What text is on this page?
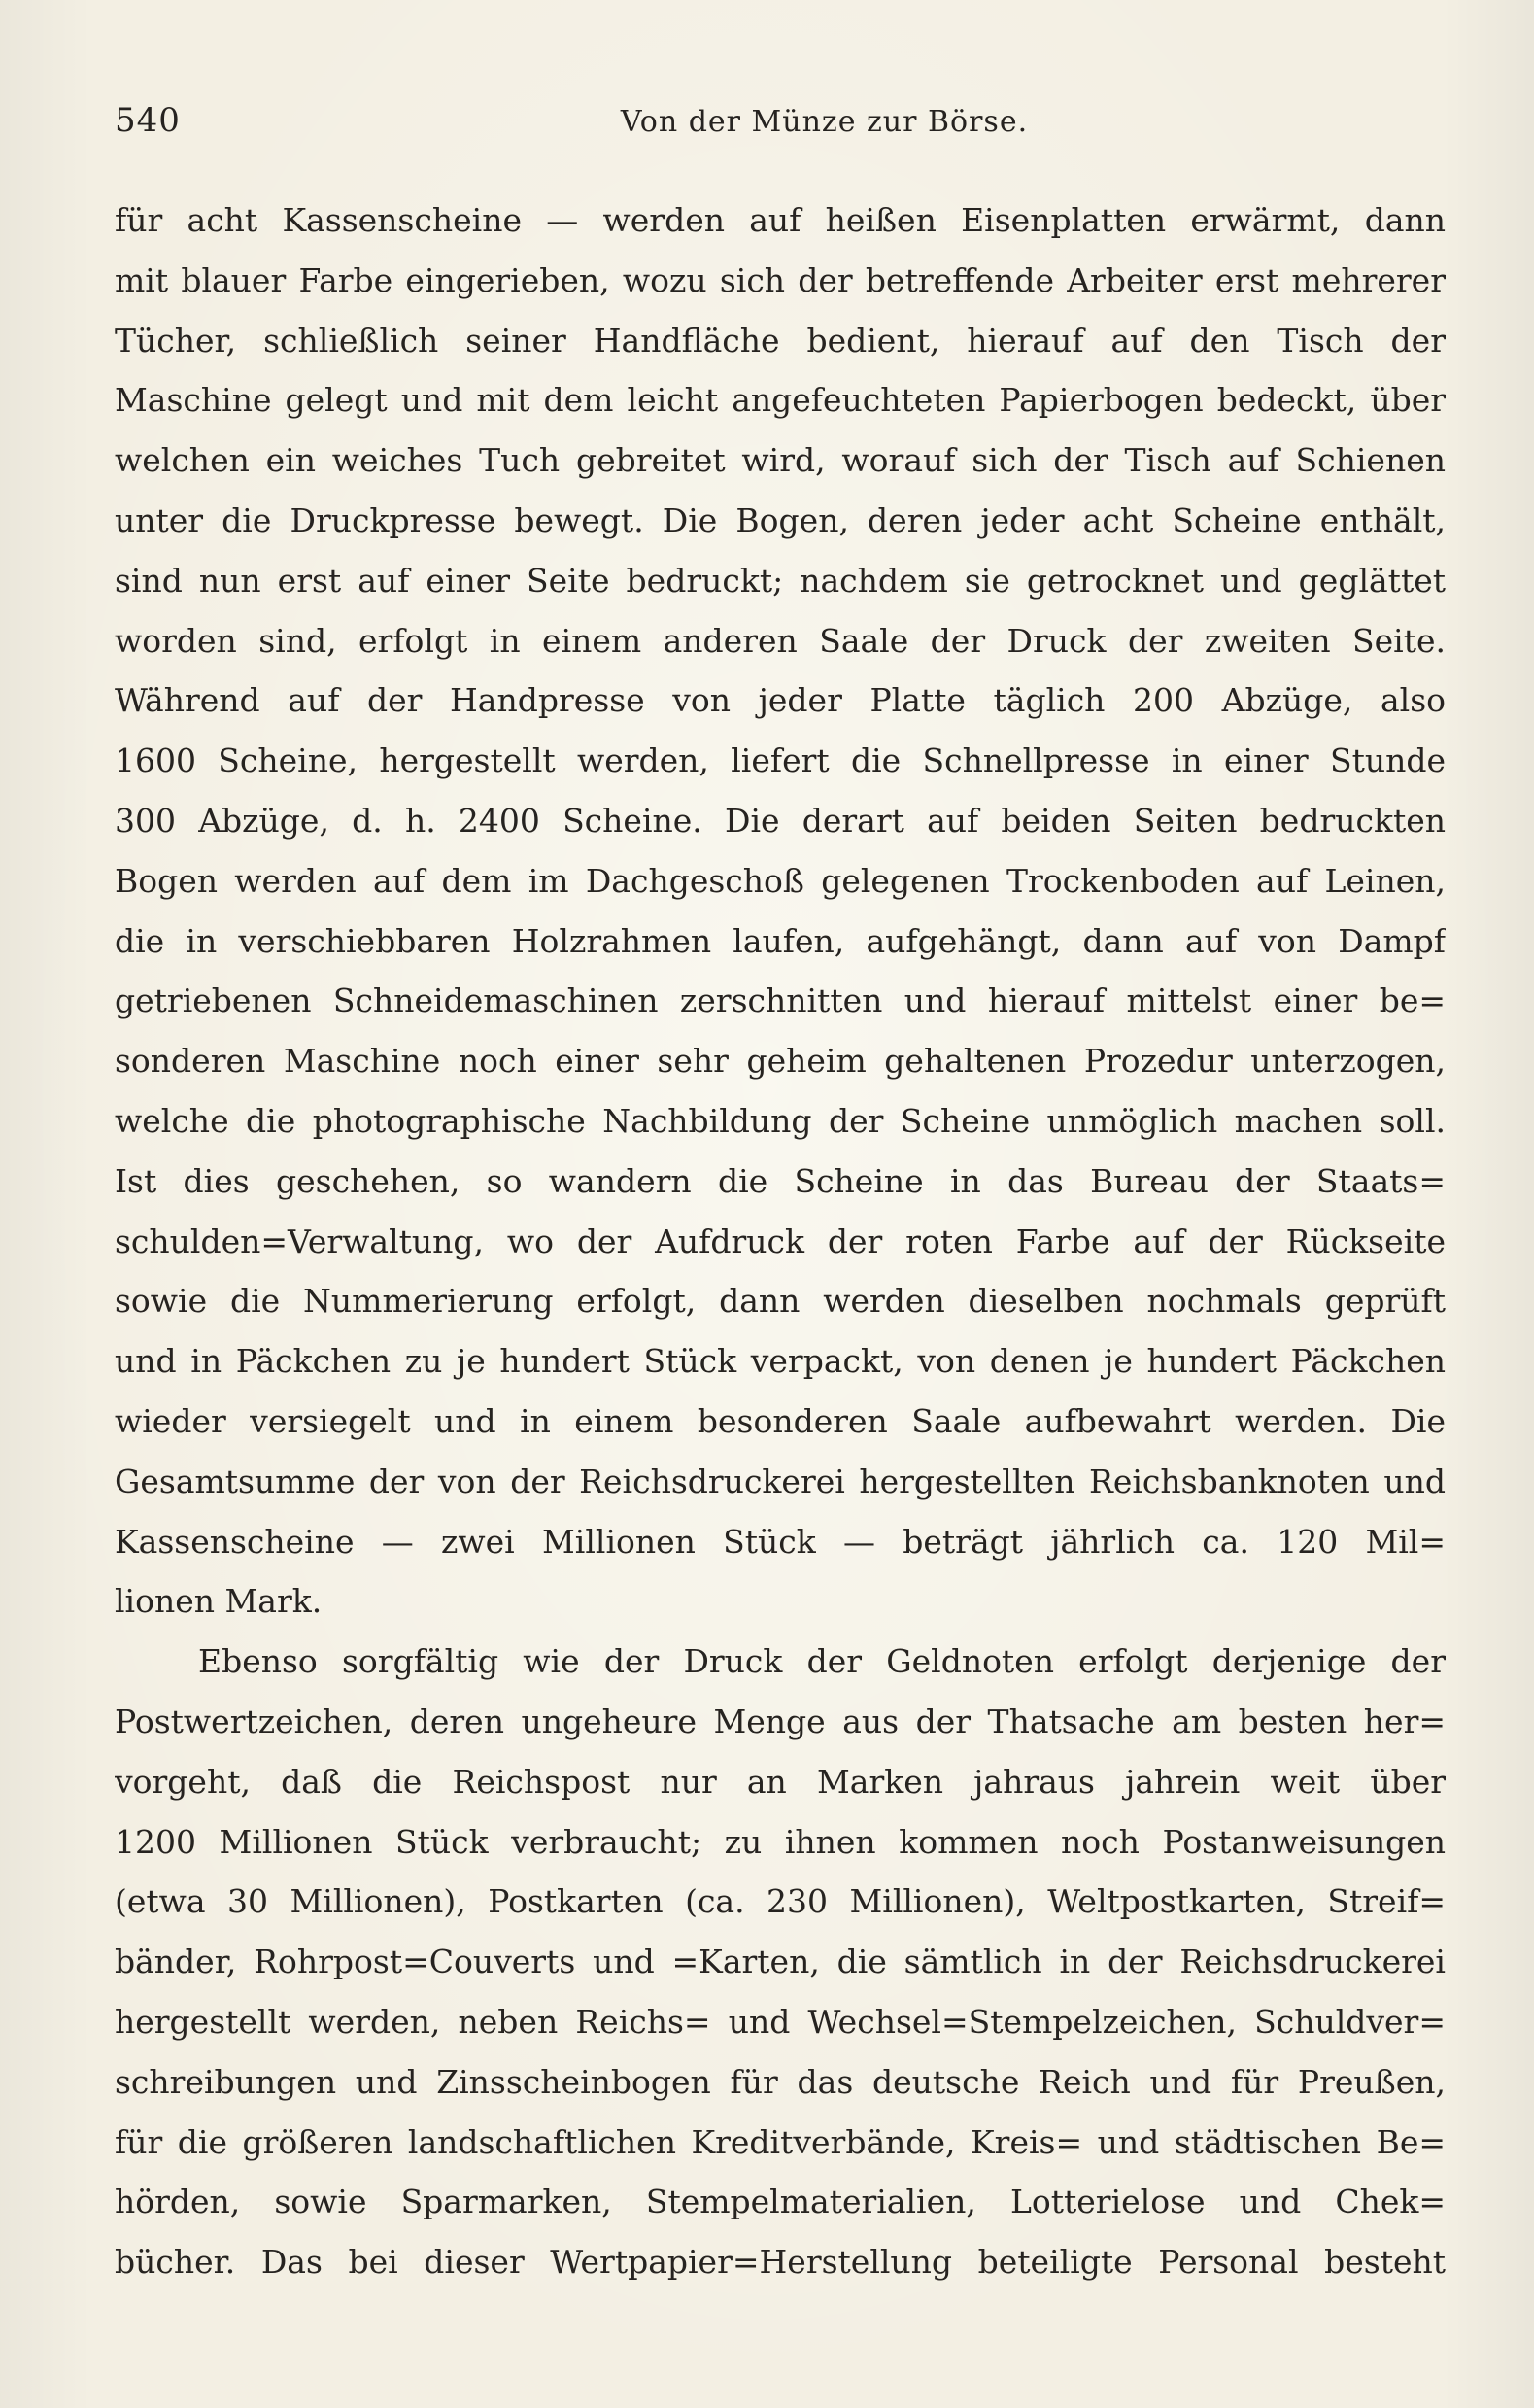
540	Von der Münze zur Börse.
für acht Kassenscheine — werden auf heißen Eisenplatten erwärmt, dann
mit blauer Farbe eingerieben, wozu sich der betreffende Arbeiter erst mehrerer
Tücher, schließlich seiner Handfläche bedient, hierauf auf den Tisch der
Maschine gelegt und mit dem leicht angefeuchteten Papierbogen bedeckt, über
welchen ein weiches Tuch gebreitet wird, worauf sich der Tisch auf Schienen
unter die Druckpresse bewegt. Die Bogen, deren jeder acht Scheine enthält,
sind nun erst auf einer Seite bedruckt; nachdem sie getrocknet und geglättet
worden sind, erfolgt in einem anderen Saale der Druck der zweiten Seite.
Während auf der Handpresse von jeder Platte täglich 200 Abzüge, also
1600 Scheine, hergestellt werden, liefert die Schnellpresse in einer Stunde
300 Abzüge, d. h. 2400 Scheine. Die derart auf beiden Seiten bedruckten
Bogen werden auf dem im Dachgeschoß gelegenen Trockenboden auf Leinen,
die in verschiebbaren Holzrahmen laufen, aufgehängt, dann auf von Dampf
getriebenen Schneidemaschinen zerschnitten und hierauf mittelst einer be=
sonderen Maschine noch einer sehr geheim gehaltenen Prozedur unterzogen,
welche die photographische Nachbildung der Scheine unmöglich machen soll.
Ist dies geschehen, so wandern die Scheine in das Bureau der Staats=
schulden=Verwaltung, wo der Aufdruck der roten Farbe auf der Rückseite
sowie die Nummerierung erfolgt, dann werden dieselben nochmals geprüft
und in Päckchen zu je hundert Stück verpackt, von denen je hundert Päckchen
wieder versiegelt und in einem besonderen Saale aufbewahrt werden. Die
Gesamtsumme der von der Reichsdruckerei hergestellten Reichsbanknoten und
Kassenscheine — zwei Millionen Stück — beträgt jährlich ca. 120 Mil=
lionen Mark.
Ebenso sorgfältig wie der Druck der Geldnoten erfolgt derjenige der
Postwertzeichen, deren ungeheure Menge aus der Thatsache am besten her=
vorgeht, daß die Reichspost nur an Marken jahraus jahrein weit über
1200 Millionen Stück verbraucht; zu ihnen kommen noch Postanweisungen
(etwa 30 Millionen), Postkarten (ca. 230 Millionen), Weltpostkarten, Streif=
bänder, Rohrpost=Couverts und =Karten, die sämtlich in der Reichsdruckerei
hergestellt werden, neben Reichs= und Wechsel=Stempelzeichen, Schuldver=
schreibungen und Zinsscheinbogen für das deutsche Reich und für Preußen,
für die größeren landschaftlichen Kreditverbände, Kreis= und städtischen Be=
hörden, sowie Sparmarken, Stempelmaterialien, Lotterielose und Chek=
bücher. Das bei dieser Wertpapier=Herstellung beteiligte Personal besteht
